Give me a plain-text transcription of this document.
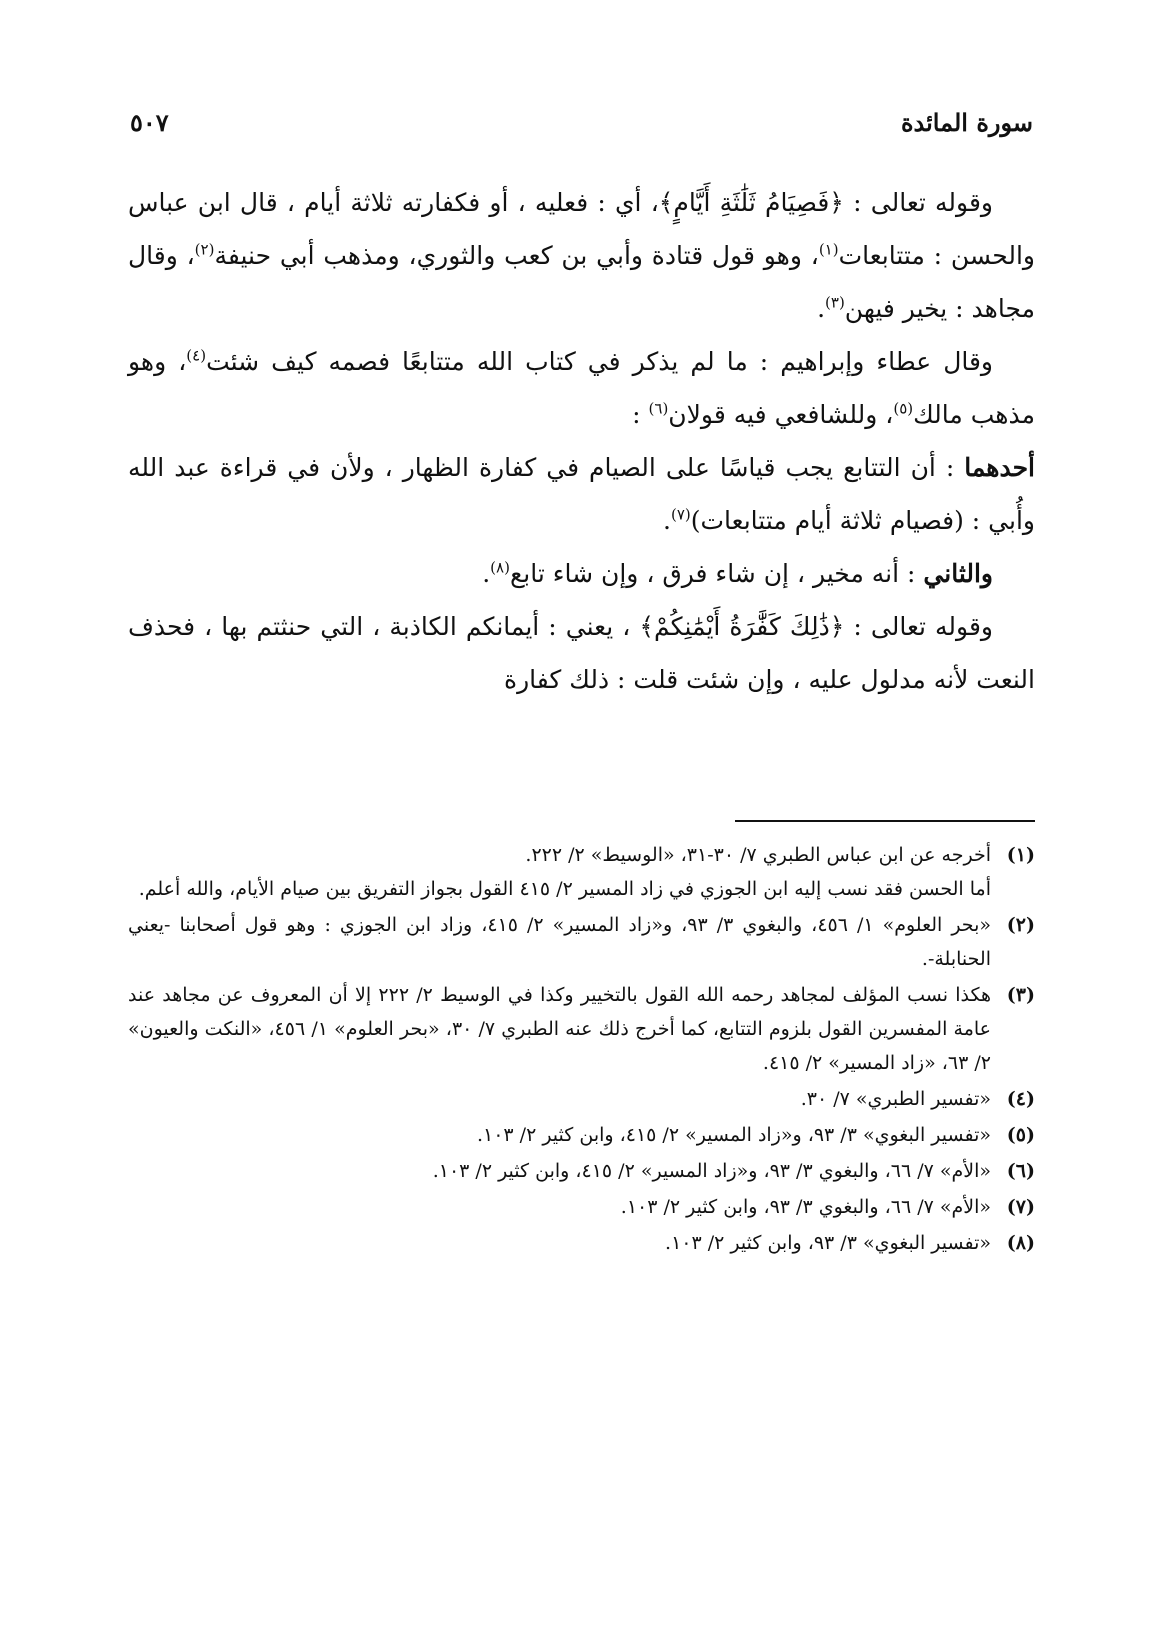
سورة المائدة
٥٠٧

وقوله تعالى : ﴿فَصِيَامُ ثَلَٰثَةِ أَيَّامٍ﴾، أي : فعليه ، أو فكفارته ثلاثة أيام ، قال ابن عباس والحسن : متتابعات$^{(١)}$، وهو قول قتادة وأبي بن كعب والثوري، ومذهب أبي حنيفة$^{(٢)}$، وقال مجاهد : يخير فيهن$^{(٣)}$.

وقال عطاء وإبراهيم : ما لم يذكر في كتاب الله متتابعًا فصمه كيف شئت$^{(٤)}$، وهو مذهب مالك$^{(٥)}$، وللشافعي فيه قولان$^{(٦)}$ :

أحدهما : أن التتابع يجب قياسًا على الصيام في كفارة الظهار ، ولأن في قراءة عبد الله وأُبي : (فصيام ثلاثة أيام متتابعات)$^{(٧)}$.

والثاني : أنه مخير ، إن شاء فرق ، وإن شاء تابع$^{(٨)}$.

وقوله تعالى : ﴿ذَٰلِكَ كَفَّٰرَةُ أَيْمَٰنِكُمْ﴾ ، يعني : أيمانكم الكاذبة ، التي حنثتم بها ، فحذف النعت لأنه مدلول عليه ، وإن شئت قلت : ذلك كفارة

(١)

أخرجه عن ابن عباس الطبري ٧/ ٣٠-٣١، «الوسيط» ٢/ ٢٢٢.

أما الحسن فقد نسب إليه ابن الجوزي في زاد المسير ٢/ ٤١٥ القول بجواز التفريق بين صيام الأيام، والله أعلم.

(٢)

«بحر العلوم» ١/ ٤٥٦، والبغوي ٣/ ٩٣، و«زاد المسير» ٢/ ٤١٥، وزاد ابن الجوزي : وهو قول أصحابنا -يعني الحنابلة-.

(٣)

هكذا نسب المؤلف لمجاهد رحمه الله القول بالتخيير وكذا في الوسيط ٢/ ٢٢٢ إلا أن المعروف عن مجاهد عند عامة المفسرين القول بلزوم التتابع، كما أخرج ذلك عنه الطبري ٧/ ٣٠، «بحر العلوم» ١/ ٤٥٦، «النكت والعيون» ٢/ ٦٣، «زاد المسير» ٢/ ٤١٥.

(٤)

«تفسير الطبري» ٧/ ٣٠.

(٥)

«تفسير البغوي» ٣/ ٩٣، و«زاد المسير» ٢/ ٤١٥، وابن كثير ٢/ ١٠٣.

(٦)

«الأم» ٧/ ٦٦، والبغوي ٣/ ٩٣، و«زاد المسير» ٢/ ٤١٥، وابن كثير ٢/ ١٠٣.

(٧)

«الأم» ٧/ ٦٦، والبغوي ٣/ ٩٣، وابن كثير ٢/ ١٠٣.

(٨)

«تفسير البغوي» ٣/ ٩٣، وابن كثير ٢/ ١٠٣.
